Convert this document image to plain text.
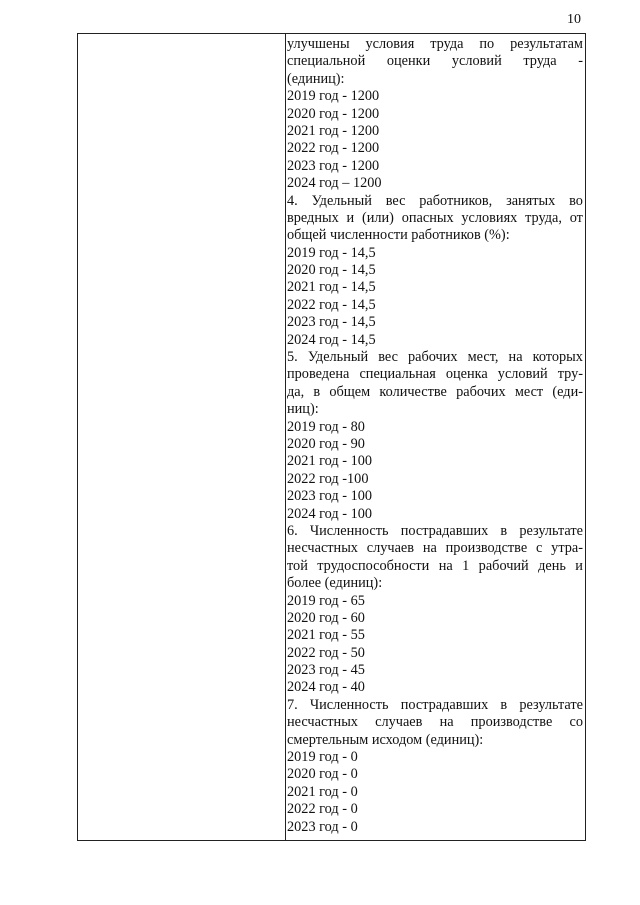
10
улучшены условия труда по результатам
специальной оценки условий труда -
(единиц):
2019 год - 1200
2020 год - 1200
2021 год - 1200
2022 год - 1200
2023 год - 1200
2024 год – 1200
4. Удельный вес работников, занятых во
вредных и (или) опасных условиях труда, от
общей численности работников (%):
2019 год - 14,5
2020 год - 14,5
2021 год - 14,5
2022 год - 14,5
2023 год - 14,5
2024 год - 14,5
5. Удельный вес рабочих мест, на которых
проведена специальная оценка условий тру-
да, в общем количестве рабочих мест (еди-
ниц):
2019 год - 80
2020 год - 90
2021 год - 100
2022 год -100
2023 год - 100
2024 год - 100
6. Численность пострадавших в результате
несчастных случаев на производстве с утра-
той трудоспособности на 1 рабочий день и
более (единиц):
2019 год - 65
2020 год - 60
2021 год - 55
2022 год - 50
2023 год - 45
2024 год - 40
7. Численность пострадавших в результате
несчастных случаев на производстве со
смертельным исходом (единиц):
2019 год - 0
2020 год - 0
2021 год - 0
2022 год - 0
2023 год - 0
